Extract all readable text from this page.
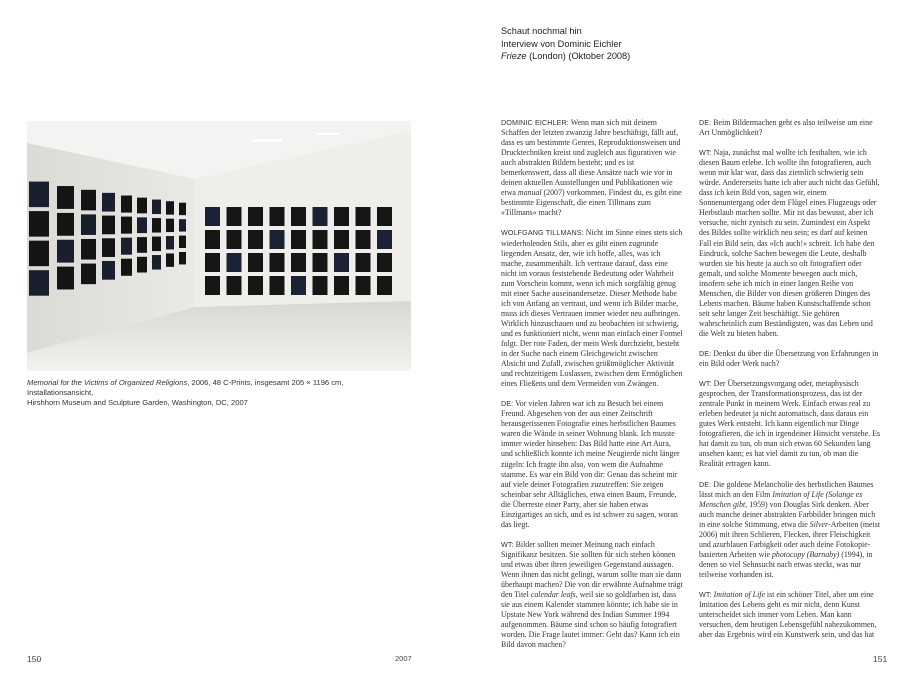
Memorial for the Victims of Organized Religions, 2006, 48 C-Prints, insgesamt 205 × 1196 cm, Installationsansicht,
Hirshhorn Museum and Sculpture Garden, Washington, DC, 2007
150	2007
Schaut nochmal hin
Interview von Dominic Eichler
Frieze (London) (Oktober 2008)

DOMINIC EICHLER: Wenn man sich mit deinem Schaffen der letzten zwanzig Jahre beschäftigt, fällt auf, dass es um bestimmte Genres, Reproduktionsweisen und Drucktechniken kreist und zugleich aus figurativen wie auch abstrakten Bildern besteht; und es ist bemerkenswert, dass all diese Ansätze nach wie vor in deinen aktuellen Ausstellungen und Publikationen wie etwa manual (2007) vorkommen. Findest du, es gibt eine bestimmte Eigenschaft, die einen Tillmans zum »Tillmans« macht?

WOLFGANG TILLMANS: Nicht im Sinne eines stets sich wiederholenden Stils, aber es gibt einen zugrunde liegenden Ansatz, der, wie ich hoffe, alles, was ich mache, zusammenhält. Ich vertraue darauf, dass eine nicht im voraus feststehende Bedeutung oder Wahrheit zum Vorschein kommt, wenn ich mich sorgfältig genug mit einer Sache auseinandersetze. Dieser Methode habe ich von Anfang an vertraut, und wenn ich Bilder mache, muss ich dieses Vertrauen immer wieder neu aufbringen. Wirklich hinzuschauen und zu beobachten ist schwierig, und es funktioniert nicht, wenn man einfach einer Formel folgt. Der rote Faden, der mein Werk durchzieht, besteht in der Suche nach einem Gleichgewicht zwischen Absicht und Zufall, zwischen größtmöglicher Aktivität und rechtzeitigem Loslassen, zwischen dem Ermöglichen eines Fließens und dem Vermeiden von Zwängen.

DE: Vor vielen Jahren war ich zu Besuch bei einem Freund. Abgesehen von der aus einer Zeitschrift herausgerissenen Fotografie eines herbstlichen Baumes waren die Wände in seiner Wohnung blank. Ich musste immer wieder hinsehen: Das Bild hatte eine Art Aura, und schließlich konnte ich meine Neugierde nicht länger zügeln: Ich fragte ihn also, von wem die Aufnahme stamme. Es war ein Bild von dir: Genau das scheint mir auf viele deiner Fotografien zuzutreffen: Sie zeigen scheinbar sehr Alltägliches, etwa einen Baum, Freunde, die Überreste einer Party, aber sie haben etwas Einzigartiges an sich, und es ist schwer zu sagen, woran das liegt.

WT: Bilder sollten meiner Meinung nach einfach Signifikanz besitzen. Sie sollten für sich stehen können und etwas über ihren jeweiligen Gegenstand aussagen. Wenn ihnen das nicht gelingt, warum sollte man sie dann überhaupt machen? Die von dir erwähnte Aufnahme trägt den Titel calendar leafs, weil sie so goldfarben ist, dass sie aus einem Kalender stammen könnte; ich habe sie in Upstate New York während des Indian Summer 1994 aufgenommen. Bäume sind schon so häufig fotografiert worden. Die Frage lautet immer: Geht das? Kann ich ein Bild davon machen?

DE: Beim Bildermachen geht es also teilweise um eine Art Unmöglichkeit?

WT: Naja, zunächst mal wollte ich festhalten, wie ich diesen Baum erlebe. Ich wollte ihn fotografieren, auch wenn mir klar war, dass das ziemlich schwierig sein würde. Andererseits hatte ich aber auch nicht das Gefühl, dass ich kein Bild von, sagen wir, einem Sonnenuntergang oder dem Flügel eines Flugzeugs oder Herbstlaub machen sollte. Mir ist das bewusst, aber ich versuche, nicht zynisch zu sein. Zumindest ein Aspekt des Bildes sollte wirklich neu sein; es darf auf keinen Fall ein Bild sein, das »Ich auch!« schreit. Ich habe den Eindruck, solche Sachen bewegen die Leute, deshalb wurden sie bis heute ja auch so oft fotografiert oder gemalt, und solche Momente bewegen auch mich, insofern sehe ich mich in einer langen Reihe von Menschen, die Bilder von diesen größeren Dingen des Lebens machen. Bäume haben Kunstschaffende schon seit sehr langer Zeit beschäftigt. Sie gehören wahrscheinlich zum Beständigsten, was das Leben und die Welt zu bieten haben.

DE: Denkst du über die Übersetzung von Erfahrungen in ein Bild oder Werk nach?

WT: Der Übersetzungsvorgang oder, metaphysisch gesprochen, der Transformationsprozess, das ist der zentrale Punkt in meinem Werk. Einfach etwas real zu erleben bedeutet ja nicht automatisch, dass daraus ein gutes Werk entsteht. Ich kann eigentlich nur Dinge fotografieren, die ich in irgendeiner Hinsicht verstehe. Es hat damit zu tun, ob man sich etwas 60 Sekunden lang ansehen kann; es hat viel damit zu tun, ob man die Realität ertragen kann.

DE: Die goldene Melancholie des herbstlichen Baumes lässt mich an den Film Imitation of Life (Solange es Menschen gibt, 1959) von Douglas Sirk denken. Aber auch manche deiner abstrakten Farbbilder bringen mich in eine solche Stimmung, etwa die Silver-Arbeiten (meist 2006) mit ihren Schlieren, Flecken, ihrer Fleischigkeit und azurblauen Farbigkeit oder auch deine Fotokopie-basierten Arbeiten wie photocopy (Barnaby) (1994), in denen so viel Sehnsucht nach etwas steckt, was nur teilweise vorhanden ist.

WT: Imitation of Life ist ein schöner Titel, aber um eine Imitation des Lebens geht es mir nicht, denn Kunst unterscheidet sich immer vom Leben. Man kann versuchen, dem heutigen Lebensgefühl nahezukommen, aber das Ergebnis wird ein Kunstwerk sein, und das hat

151
